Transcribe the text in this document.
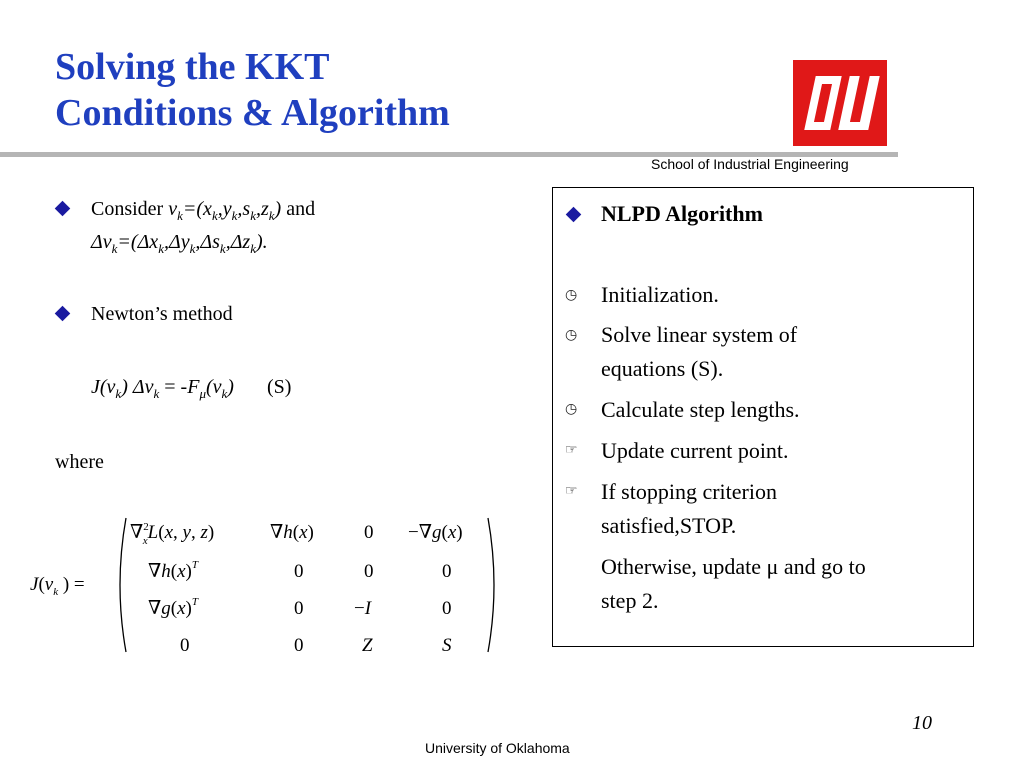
Solving the KKT
Conditions & Algorithm
School of Industrial Engineering
Consider $v_k=(x_k,y_k,s_k,z_k)$ and
$\Delta v_k=(\Delta x_k,\Delta y_k,\Delta s_k,\Delta z_k)$.
Newton’s method
$J(v_k) \Delta v_k = -F_\mu(v_k)$ (S)
where
$J(v_k$ ) =
∇$^2$ xL(x, y, z)	∇h(x)	0 −∇g(x)
$\nabla h(x)^T$	0	0	0
$\nabla g(x)^T$	0	−I	0
0	0	Z	S
NLPD Algorithm
◷ Initialization.
◷ Solve linear system of
equations (S).
◷ Calculate step lengths.
☞ Update current point.
☞ If stopping criterion
satisfied,STOP.
Otherwise, update μ and go to
step 2.
10
University of Oklahoma
